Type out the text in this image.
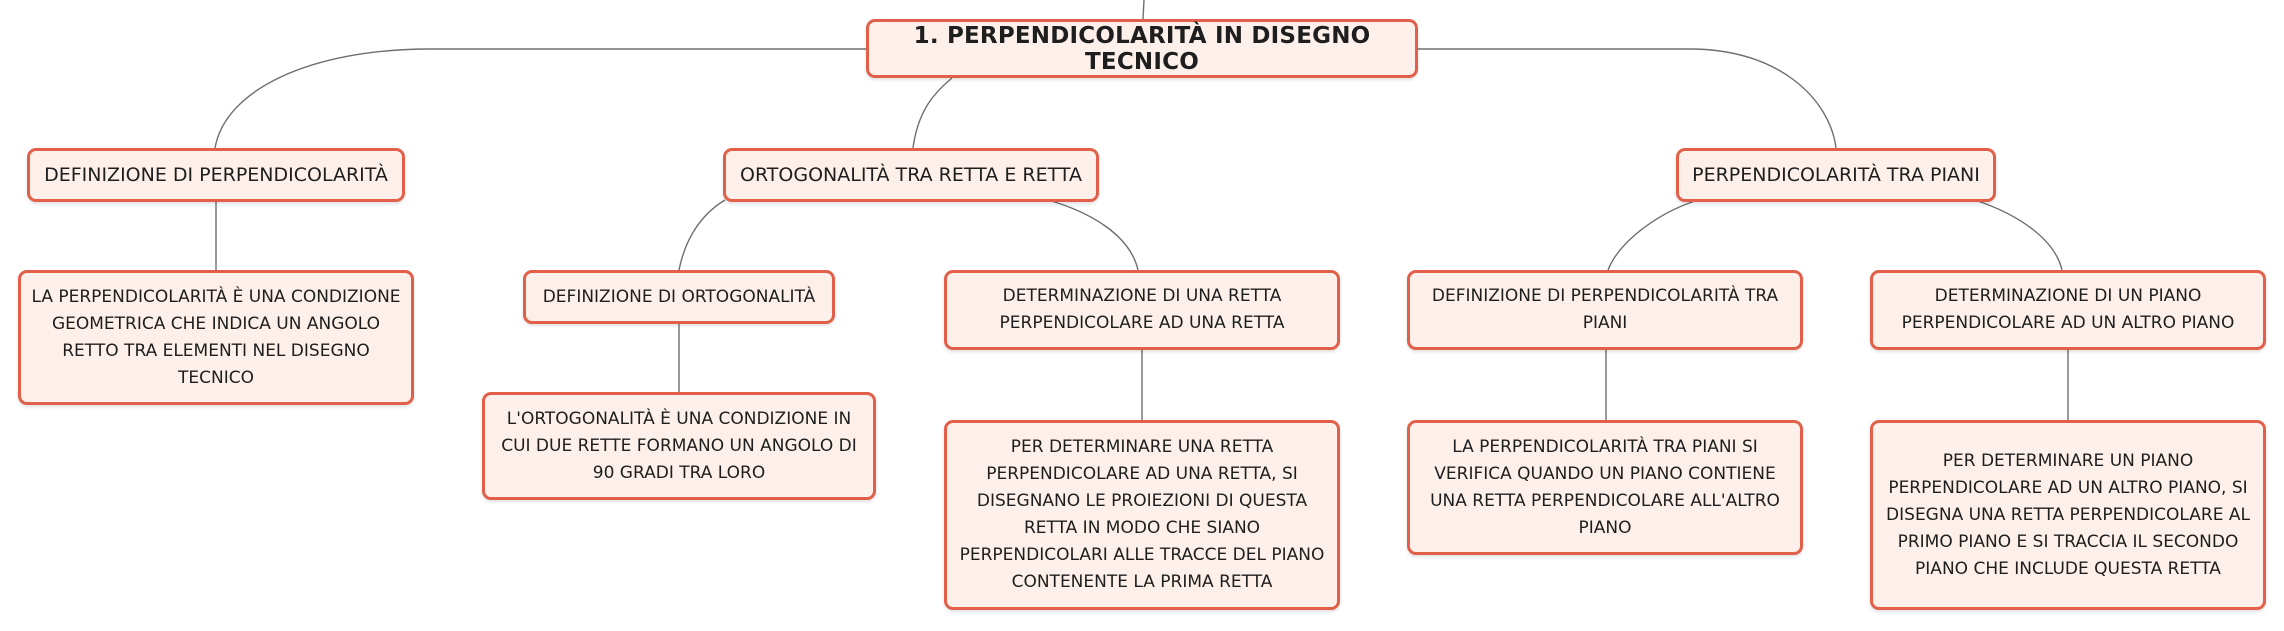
1. PERPENDICOLARITÀ IN DISEGNO TECNICO
DEFINIZIONE DI PERPENDICOLARITÀ	ORTOGONALITÀ TRA RETTA E RETTA	PERPENDICOLARITÀ TRA PIANI
LA PERPENDICOLARITÀ È UNA CONDIZIONE GEOMETRICA CHE INDICA UN ANGOLO RETTO TRA ELEMENTI NEL DISEGNO TECNICO
DEFINIZIONE DI ORTOGONALITÀ	DETERMINAZIONE DI UNA RETTA PERPENDICOLARE AD UNA RETTA
DEFINIZIONE DI PERPENDICOLARITÀ TRA PIANI
DETERMINAZIONE DI UN PIANO PERPENDICOLARE AD UN ALTRO PIANO
L'ORTOGONALITÀ È UNA CONDIZIONE IN CUI DUE RETTE FORMANO UN ANGOLO DI 90 GRADI TRA LORO
PER DETERMINARE UNA RETTA PERPENDICOLARE AD UNA RETTA, SI DISEGNANO LE PROIEZIONI DI QUESTA RETTA IN MODO CHE SIANO PERPENDICOLARI ALLE TRACCE DEL PIANO CONTENENTE LA PRIMA RETTA
LA PERPENDICOLARITÀ TRA PIANI SI VERIFICA QUANDO UN PIANO CONTIENE UNA RETTA PERPENDICOLARE ALL'ALTRO PIANO
PER DETERMINARE UN PIANO PERPENDICOLARE AD UN ALTRO PIANO, SI DISEGNA UNA RETTA PERPENDICOLARE AL PRIMO PIANO E SI TRACCIA IL SECONDO PIANO CHE INCLUDE QUESTA RETTA
